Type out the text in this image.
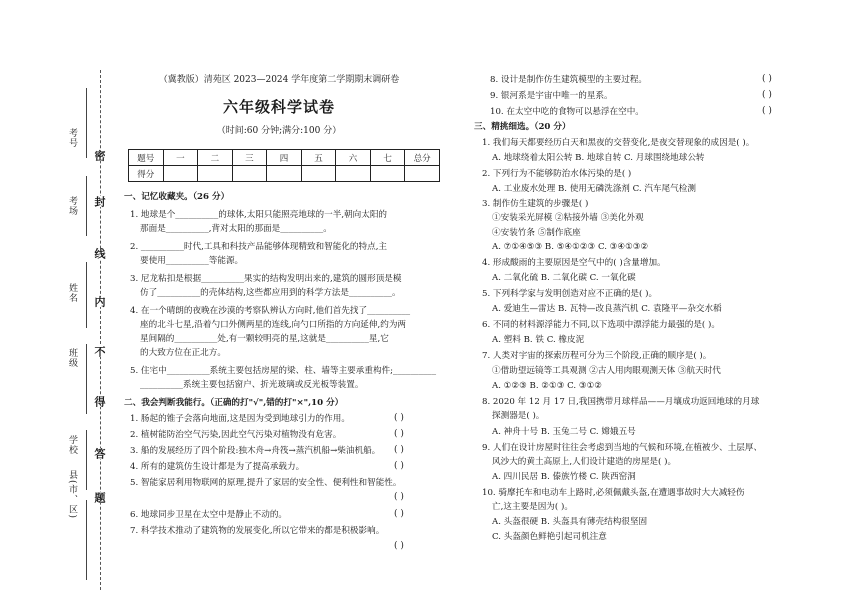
考号
考场
姓名
班级
学校
县(市、区)
密
封
线
内
不
得
答
题
（冀教版）清苑区 2023—2024 学年度第二学期期末调研卷
六年级科学试卷
（时间:60 分钟;满分:100 分）
题号	一	二	三	四	五	六	七	总分
得分								
一、记忆收藏夹。（26 分）
1. 地球是个__________的球体,太阳只能照亮地球的一半,朝向太阳的
那面是__________,背对太阳的那面是__________。
2. __________时代,工具和科技产品能够体现精致和智能化的特点,主
要使用__________等能源。
3. 尼龙粘扣是根据__________果实的结构发明出来的,建筑的圆形顶是模
仿了__________的壳体结构,这些都应用到的科学方法是__________。
4. 在一个晴朗的夜晚在沙漠的考察队辨认方向时,他们首先找了__________
座的北斗七星,沿着勺口外侧两星的连线,向勺口所指的方向延伸,约为两
星间隔的__________处,有一颗较明亮的星,这就是__________星,它
的大致方位在正北方。
5. 住宅中__________系统主要包括房屋的梁、柱、墙等主要承重构件;__________
__________系统主要包括窗户、折光玻璃或反光板等装置。
二、我会判断我能行。（正确的打"√",错的打"×",10 分）
1. 肠起的锥子会落向地面,这是因为受到地球引力的作用。
2. 植树能防治空气污染,因此空气污染对植物没有危害。
3. 船的发展经历了四个阶段:独木舟→舟筏→蒸汽机船→柴油机船。
4. 所有的建筑仿生设计都是为了提高承载力。
5. 智能家居利用物联网的原理,提升了家居的安全性、便利性和智能性。
6. 地球同步卫星在太空中是静止不动的。
7. 科学技术推动了建筑物的发展变化,所以它带来的都是积极影响。
( )
( )
( )
( )
( )
( )
( )
8. 设计是制作仿生建筑模型的主要过程。
9. 银河系是宇宙中唯一的星系。
10. 在太空中吃的食物可以悬浮在空中。
( )
( )
( )
三、精挑细选。（20 分）
1. 我们每天都要经历白天和黑夜的交替变化,是夜交替现象的成因是( )。
A. 地球绕着太阳公转 B. 地球自转 C. 月球围绕地球公转
2. 下列行为不能够防治水体污染的是( )
A. 工业废水处理 B. 使用无磷洗涤剂 C. 汽车尾气检测
3. 制作仿生建筑的步骤是( )
①安装采光屏模 ②粘接外墙 ③美化外观
④安装竹条 ⑤制作底座
A. ⑦①④⑤③ B. ⑤④①②③ C. ③④①③②
4. 形成酸雨的主要原因是空气中的( )含量增加。
A. 二氧化硫 B. 二氧化碳 C. 一氧化碳
5. 下列科学家与发明创造对应不正确的是( )。
A. 爱迪生—雷达 B. 瓦特—改良蒸汽机 C. 袁隆平—杂交水稻
6. 不同的材料源浮能力不同,以下选项中漂浮能力最强的是( )。
A. 塑料 B. 铁 C. 橡皮泥
7. 人类对宇宙的探索历程可分为三个阶段,正确的顺序是( )。
①借助望远镜等工具观测 ②古人用肉眼观测天体 ③航天时代
A. ①②③ B. ②①③ C. ③①②
8. 2020 年 12 月 17 日,我国携带月球样品——月壤成功返回地球的月球
探测器是( )。
A. 神舟十号 B. 玉兔二号 C. 嫦娥五号
9. 人们在设计房屋时往往会考虑到当地的气候和环境,在植被少、土层厚、
风沙大的黄土高原上,人们设计建造的房屋是( )。
A. 四川民居 B. 傣族竹楼 C. 陕西窑洞
10. 骑摩托车和电动车上路时,必须佩戴头盔,在遭遇事故时大大减轻伤
亡,这主要是因为( )。
A. 头盔很硬 B. 头盔具有薄壳结构很坚固
C. 头盔颜色鲜艳引起司机注意
